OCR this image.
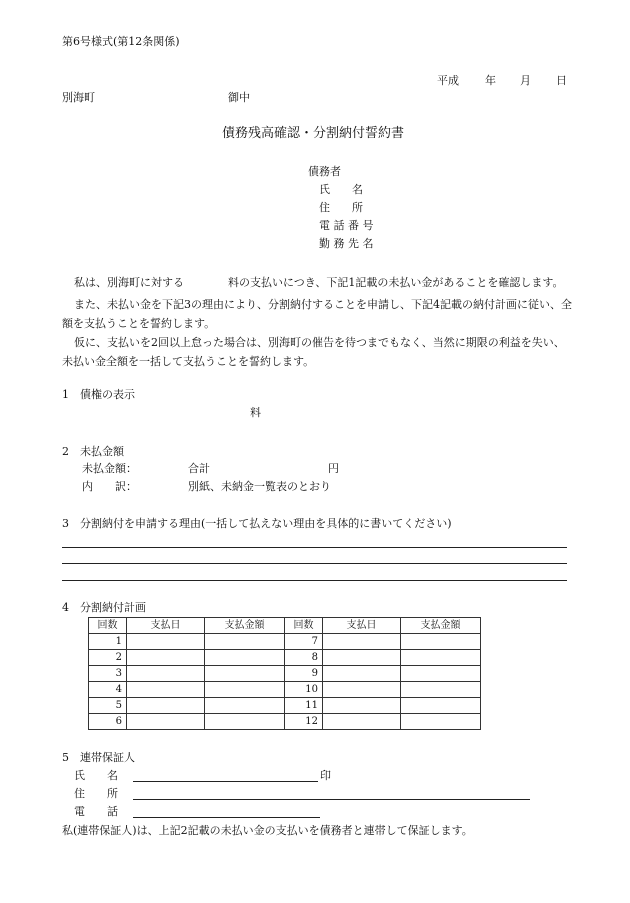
第6号様式(第12条関係)
平成 年 月 日
別海町	御中
債務残高確認・分割納付誓約書
債務者
氏　　名
住　　所
電 話 番 号
勤 務 先 名
私は、別海町に対する	料の支払いにつき、下記1記載の未払い金があることを確認します。
また、未払い金を下記3の理由により、分割納付することを申請し、下記4記載の納付計画に従い、全額を支払うことを誓約します。
仮に、支払いを2回以上怠った場合は、別海町の催告を待つまでもなく、当然に期限の利益を失い、未払い金全額を一括して支払うことを誓約します。
1　債権の表示
料
2　未払金額
未払金額：	合計	円
内　　訳：	別紙、未納金一覧表のとおり
3　分割納付を申請する理由(一括して払えない理由を具体的に書いてください)
4　分割納付計画
回数	支払日	支払金額	回数	支払日	支払金額
1			7		
2			8		
3			9		
4			10		
5			11		
6			12		
5　連帯保証人
氏　　名	印
住　　所
電　　話
私(連帯保証人)は、上記2記載の未払い金の支払いを債務者と連帯して保証します。
